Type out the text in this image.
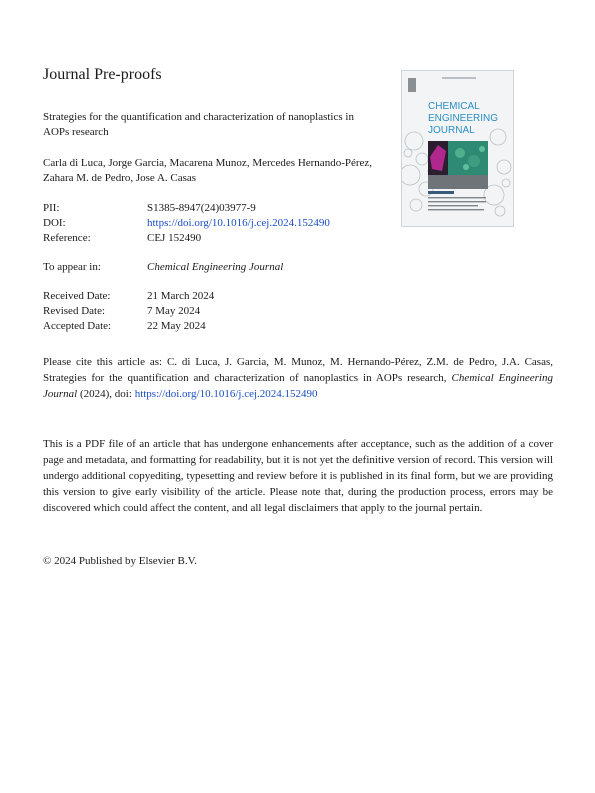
Journal Pre-proofs
Strategies for the quantification and characterization of nanoplastics in AOPs research
Carla di Luca, Jorge Garcia, Macarena Munoz, Mercedes Hernando-Pérez, Zahara M. de Pedro, Jose A. Casas
PII:	S1385-8947(24)03977-9
DOI:	https://doi.org/10.1016/j.cej.2024.152490
Reference:	CEJ 152490
To appear in:	Chemical Engineering Journal
Received Date:	21 March 2024
Revised Date:	7 May 2024
Accepted Date:	22 May 2024
Please cite this article as: C. di Luca, J. Garcia, M. Munoz, M. Hernando-Pérez, Z.M. de Pedro, J.A. Casas, Strategies for the quantification and characterization of nanoplastics in AOPs research, Chemical Engineering Journal (2024), doi: https://doi.org/10.1016/j.cej.2024.152490
This is a PDF file of an article that has undergone enhancements after acceptance, such as the addition of a cover page and metadata, and formatting for readability, but it is not yet the definitive version of record. This version will undergo additional copyediting, typesetting and review before it is published in its final form, but we are providing this version to give early visibility of the article. Please note that, during the production process, errors may be discovered which could affect the content, and all legal disclaimers that apply to the journal pertain.
© 2024 Published by Elsevier B.V.
CHEMICAL
ENGINEERING
JOURNAL
